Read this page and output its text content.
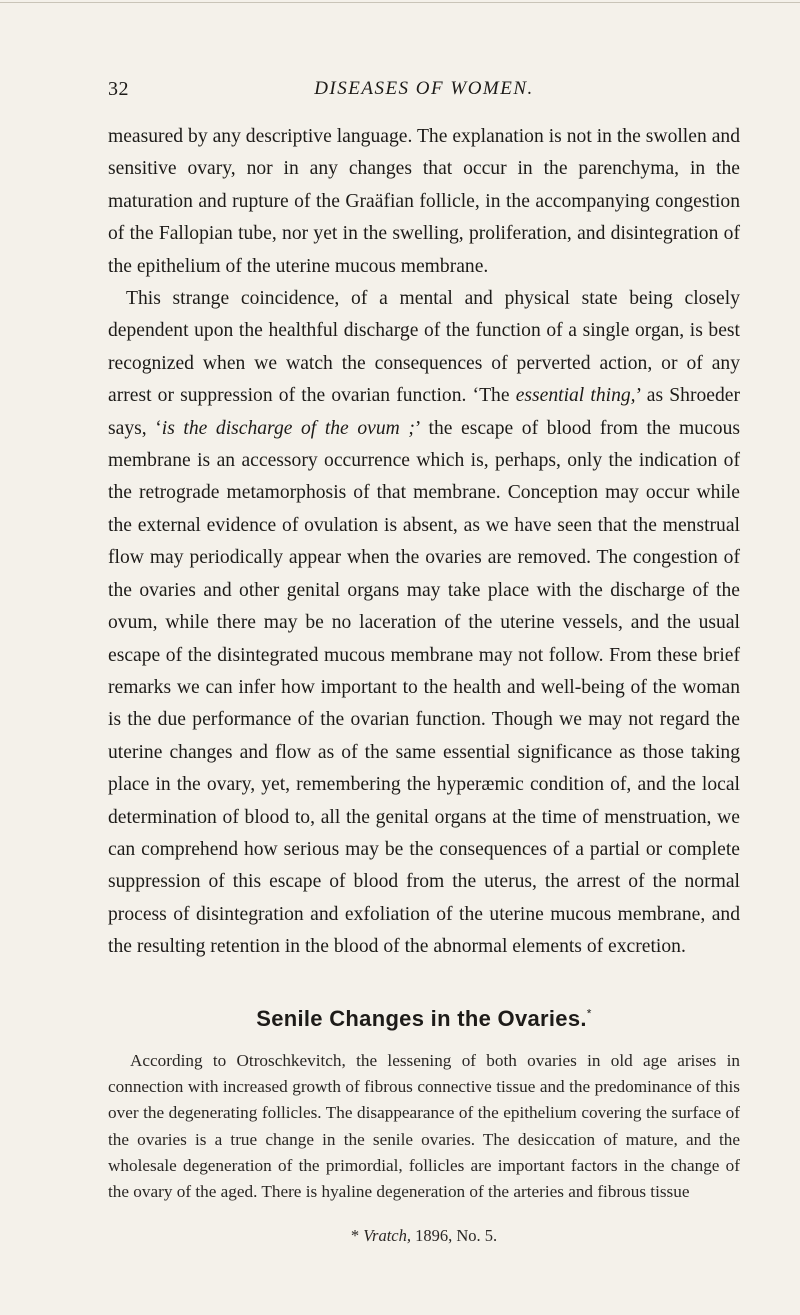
32	DISEASES OF WOMEN.

measured by any descriptive language. The explanation is not in the swollen and sensitive ovary, nor in any changes that occur in the parenchyma, in the maturation and rupture of the Graäfian follicle, in the accompanying congestion of the Fallopian tube, nor yet in the swelling, proliferation, and disintegration of the epithelium of the uterine mucous membrane.

This strange coincidence, of a mental and physical state being closely dependent upon the healthful discharge of the function of a single organ, is best recognized when we watch the consequences of perverted action, or of any arrest or suppression of the ovarian function. ‘The essential thing,’ as Shroeder says, ‘is the discharge of the ovum ;’ the escape of blood from the mucous membrane is an accessory occurrence which is, perhaps, only the indication of the retrograde metamorphosis of that membrane. Conception may occur while the external evidence of ovulation is absent, as we have seen that the menstrual flow may periodically appear when the ovaries are removed. The congestion of the ovaries and other genital organs may take place with the discharge of the ovum, while there may be no laceration of the uterine vessels, and the usual escape of the disintegrated mucous membrane may not follow. From these brief remarks we can infer how important to the health and well-being of the woman is the due performance of the ovarian function. Though we may not regard the uterine changes and flow as of the same essential significance as those taking place in the ovary, yet, remembering the hyperæmic condition of, and the local determination of blood to, all the genital organs at the time of menstruation, we can comprehend how serious may be the consequences of a partial or complete suppression of this escape of blood from the uterus, the arrest of the normal process of disintegration and exfoliation of the uterine mucous membrane, and the resulting retention in the blood of the abnormal elements of excretion.

Senile Changes in the Ovaries.*
According to Otroschkevitch, the lessening of both ovaries in old age arises in connection with increased growth of fibrous connective tissue and the predominance of this over the degenerating follicles. The disappearance of the epithelium covering the surface of the ovaries is a true change in the senile ovaries. The desiccation of mature, and the wholesale degeneration of the primordial, follicles are important factors in the change of the ovary of the aged. There is hyaline degeneration of the arteries and fibrous tissue
* Vratch, 1896, No. 5.
